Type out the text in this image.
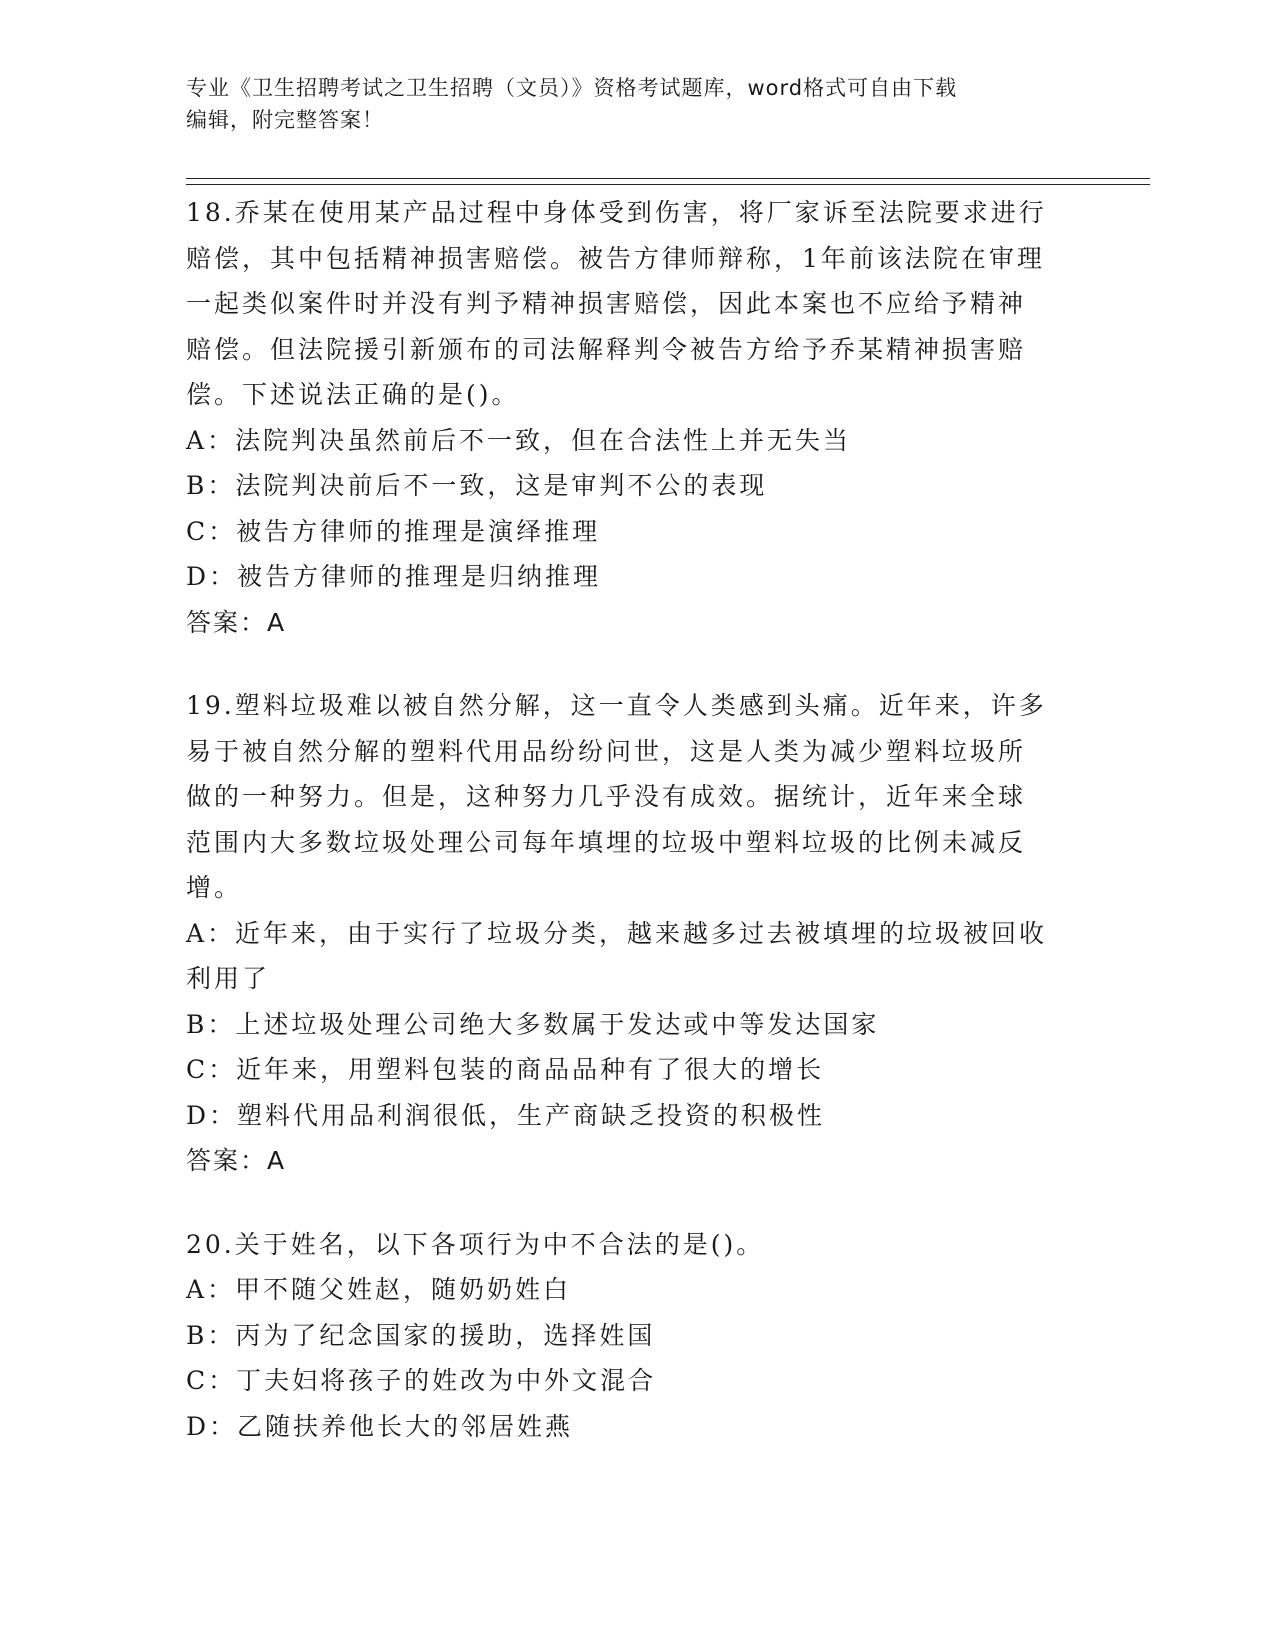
专业《卫生招聘考试之卫生招聘（文员）》资格考试题库，word格式可自由下载
编辑，附完整答案！
18.乔某在使用某产品过程中身体受到伤害，将厂家诉至法院要求进行
赔偿，其中包括精神损害赔偿。被告方律师辩称，1年前该法院在审理
一起类似案件时并没有判予精神损害赔偿，因此本案也不应给予精神
赔偿。但法院援引新颁布的司法解释判令被告方给予乔某精神损害赔
偿。下述说法正确的是()。
A：法院判决虽然前后不一致，但在合法性上并无失当
B：法院判决前后不一致，这是审判不公的表现
C：被告方律师的推理是演绎推理
D：被告方律师的推理是归纳推理
答案：A
19.塑料垃圾难以被自然分解，这一直令人类感到头痛。近年来，许多
易于被自然分解的塑料代用品纷纷问世，这是人类为减少塑料垃圾所
做的一种努力。但是，这种努力几乎没有成效。据统计，近年来全球
范围内大多数垃圾处理公司每年填埋的垃圾中塑料垃圾的比例未减反
增。
A：近年来，由于实行了垃圾分类，越来越多过去被填埋的垃圾被回收
利用了
B：上述垃圾处理公司绝大多数属于发达或中等发达国家
C：近年来，用塑料包装的商品品种有了很大的增长
D：塑料代用品利润很低，生产商缺乏投资的积极性
答案：A
20.关于姓名，以下各项行为中不合法的是()。
A：甲不随父姓赵，随奶奶姓白
B：丙为了纪念国家的援助，选择姓国
C：丁夫妇将孩子的姓改为中外文混合
D：乙随扶养他长大的邻居姓燕
